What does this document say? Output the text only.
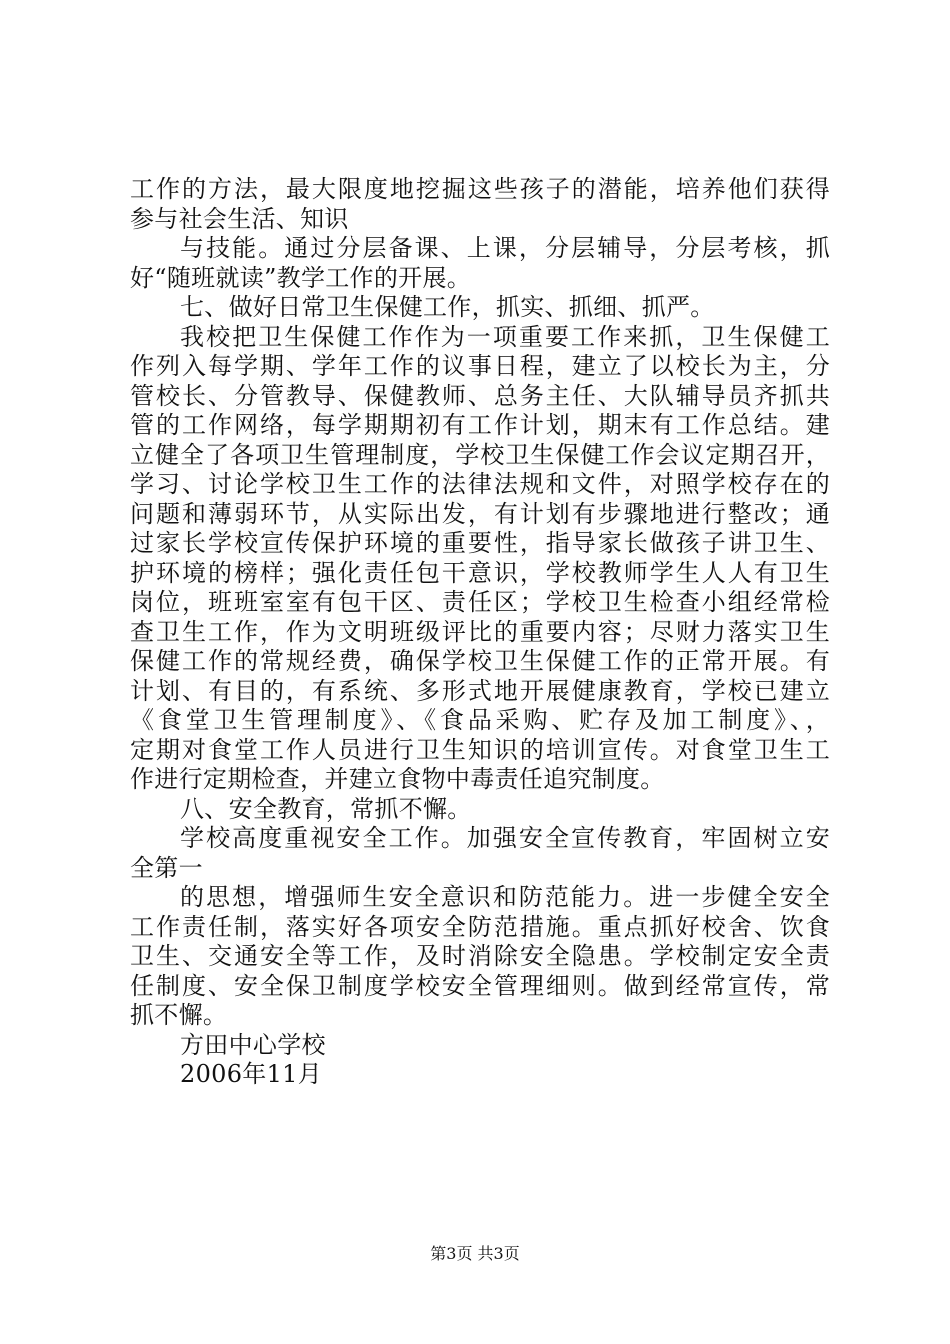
工作的方法，最大限度地挖掘这些孩子的潜能，培养他们获得
参与社会生活、知识
与技能。通过分层备课、上课，分层辅导，分层考核，抓
好“随班就读”教学工作的开展。
七、做好日常卫生保健工作，抓实、抓细、抓严。
我校把卫生保健工作作为一项重要工作来抓，卫生保健工
作列入每学期、学年工作的议事日程，建立了以校长为主，分
管校长、分管教导、保健教师、总务主任、大队辅导员齐抓共
管的工作网络，每学期期初有工作计划，期末有工作总结。建
立健全了各项卫生管理制度，学校卫生保健工作会议定期召开，
学习、讨论学校卫生工作的法律法规和文件，对照学校存在的
问题和薄弱环节，从实际出发，有计划有步骤地进行整改；通
过家长学校宣传保护环境的重要性，指导家长做孩子讲卫生、
护环境的榜样；强化责任包干意识，学校教师学生人人有卫生
岗位，班班室室有包干区、责任区；学校卫生检查小组经常检
查卫生工作，作为文明班级评比的重要内容；尽财力落实卫生
保健工作的常规经费，确保学校卫生保健工作的正常开展。有
计划、有目的，有系统、多形式地开展健康教育，学校已建立
《食堂卫生管理制度》、《食品采购、贮存及加工制度》、，
定期对食堂工作人员进行卫生知识的培训宣传。对食堂卫生工
作进行定期检查，并建立食物中毒责任追究制度。
八、安全教育，常抓不懈。
学校高度重视安全工作。加强安全宣传教育，牢固树立安
全第一
的思想，增强师生安全意识和防范能力。进一步健全安全
工作责任制，落实好各项安全防范措施。重点抓好校舍、饮食
卫生、交通安全等工作，及时消除安全隐患。学校制定安全责
任制度、安全保卫制度学校安全管理细则。做到经常宣传，常
抓不懈。
方田中心学校
2006年11月
第3页 共3页
